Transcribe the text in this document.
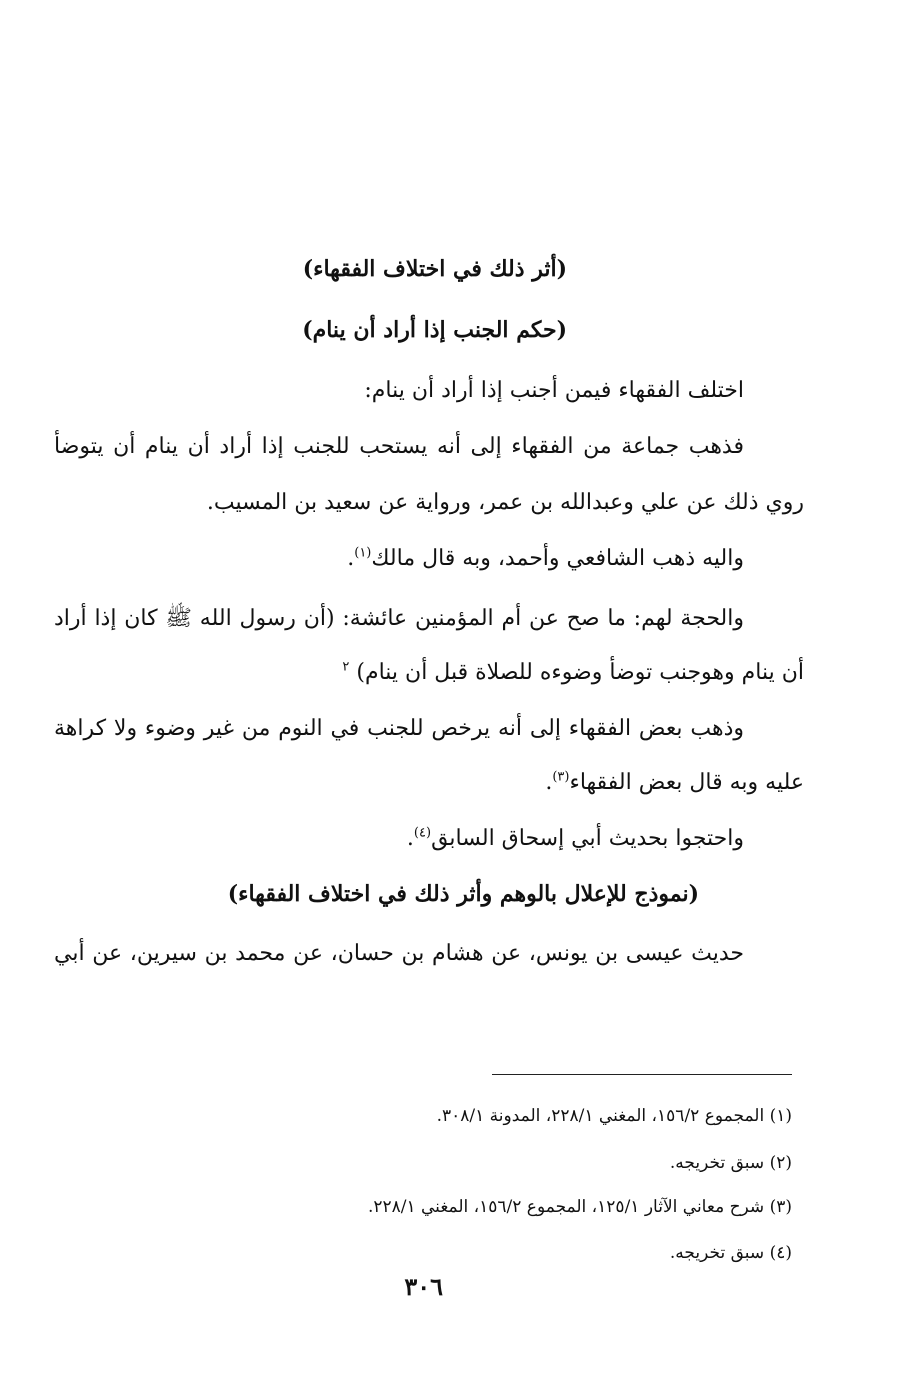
(أثر ذلك في اختلاف الفقهاء)
(حكم الجنب إذا أراد أن ينام)
اختلف الفقهاء فيمن أجنب إذا أراد أن ينام:
فذهب جماعة من الفقهاء إلى أنه يستحب للجنب إذا أراد أن ينام أن يتوضأ
روي ذلك عن علي وعبدالله بن عمر، ورواية عن سعيد بن المسيب.
واليه ذهب الشافعي وأحمد، وبه قال مالك$^{(١)}$.
والحجة لهم: ما صح عن أم المؤمنين عائشة: (أن رسول الله ﷺ كان إذا أراد
أن ينام وهوجنب توضأ وضوءه للصلاة قبل أن ينام) $^٢$
وذهب بعض الفقهاء إلى أنه يرخص للجنب في النوم من غير وضوء ولا كراهة
عليه وبه قال بعض الفقهاء$^{(٣)}$.
واحتجوا بحديث أبي إسحاق السابق$^{(٤)}$.
(نموذج للإعلال بالوهم وأثر ذلك في اختلاف الفقهاء)
حديث عيسى بن يونس، عن هشام بن حسان، عن محمد بن سيرين، عن أبي
(١) المجموع ١٥٦/٢، المغني ٢٢٨/١، المدونة ٣٠٨/١.
(٢) سبق تخريجه.
(٣) شرح معاني الآثار ١٢٥/١، المجموع ١٥٦/٢، المغني ٢٢٨/١.
(٤) سبق تخريجه.
٣٠٦
